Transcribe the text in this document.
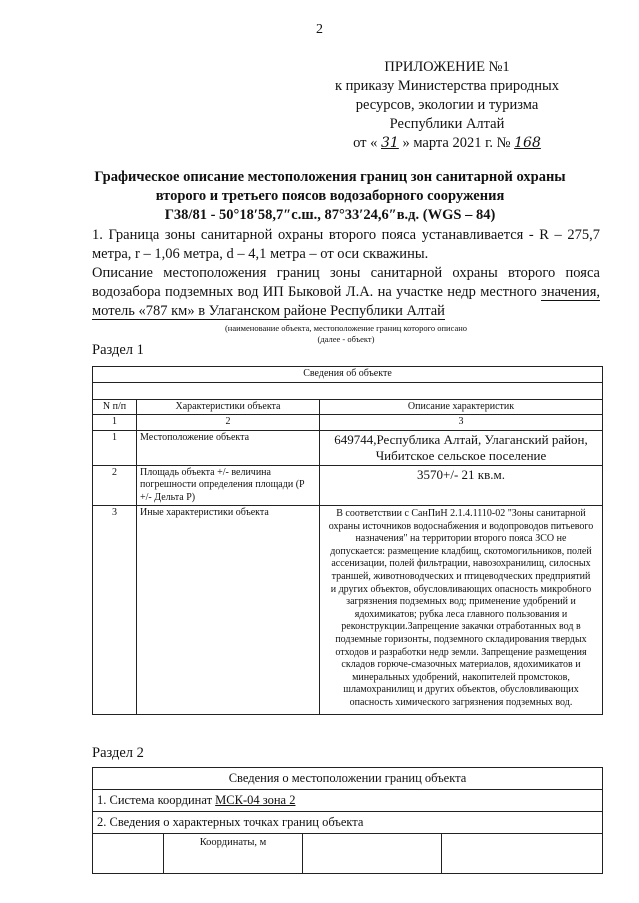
2
ПРИЛОЖЕНИЕ №1
к приказу Министерства природных
ресурсов, экологии и туризма
Республики Алтай
от « 31 » марта 2021 г. № 168
Графическое описание местоположения границ зон санитарной охраны
второго и третьего поясов водозаборного сооружения
Г38/81 - 50°18′58,7″с.ш., 87°33′24,6″в.д. (WGS – 84)
1. Граница зоны санитарной охраны второго пояса устанавливается - R – 275,7 метра, r – 1,06 метра, d – 4,1 метра – от оси скважины.
Описание местоположения границ зоны санитарной охраны второго пояса водозабора подземных вод ИП Быковой Л.А. на участке недр местного значения, мотель «787 км» в Улаганском районе Республики Алтай
(наименование объекта, местоположение границ которого описано
(далее - объект)
Раздел 1
Сведения об объекте		

N п/п	Характеристики объекта	Описание характеристик
1	2	3
1	Местоположение объекта	649744,Республика Алтай, Улаганский район, Чибитское сельское поселение
2	Площадь объекта +/- величина погрешности определения площади (P +/- Дельта P)	3570+/- 21 кв.м.
3	Иные характеристики объекта	В соответствии с СанПиН 2.1.4.1110-02 "Зоны санитарной охраны источников водоснабжения и водопроводов питьевого назначения" на территории второго пояса ЗСО не допускается: размещение кладбищ, скотомогильников, полей ассенизации, полей фильтрации, навозохранилищ, силосных траншей, животноводческих и птицеводческих предприятий и других объектов, обусловливающих опасность микробного загрязнения подземных вод; применение удобрений и ядохимикатов; рубка леса главного пользования и реконструкции.Запрещение закачки отработанных вод в подземные горизонты, подземного складирования твердых отходов и разработки недр земли. Запрещение размещения складов горюче-смазочных материалов, ядохимикатов и минеральных удобрений, накопителей промстоков, шламохранилищ и других объектов, обусловливающих опасность химического загрязнения подземных вод.
Раздел 2
Сведения о местоположении границ объекта
1. Система координат МСК-04 зона 2
2. Сведения о характерных точках границ объекта
	Координаты, м		
